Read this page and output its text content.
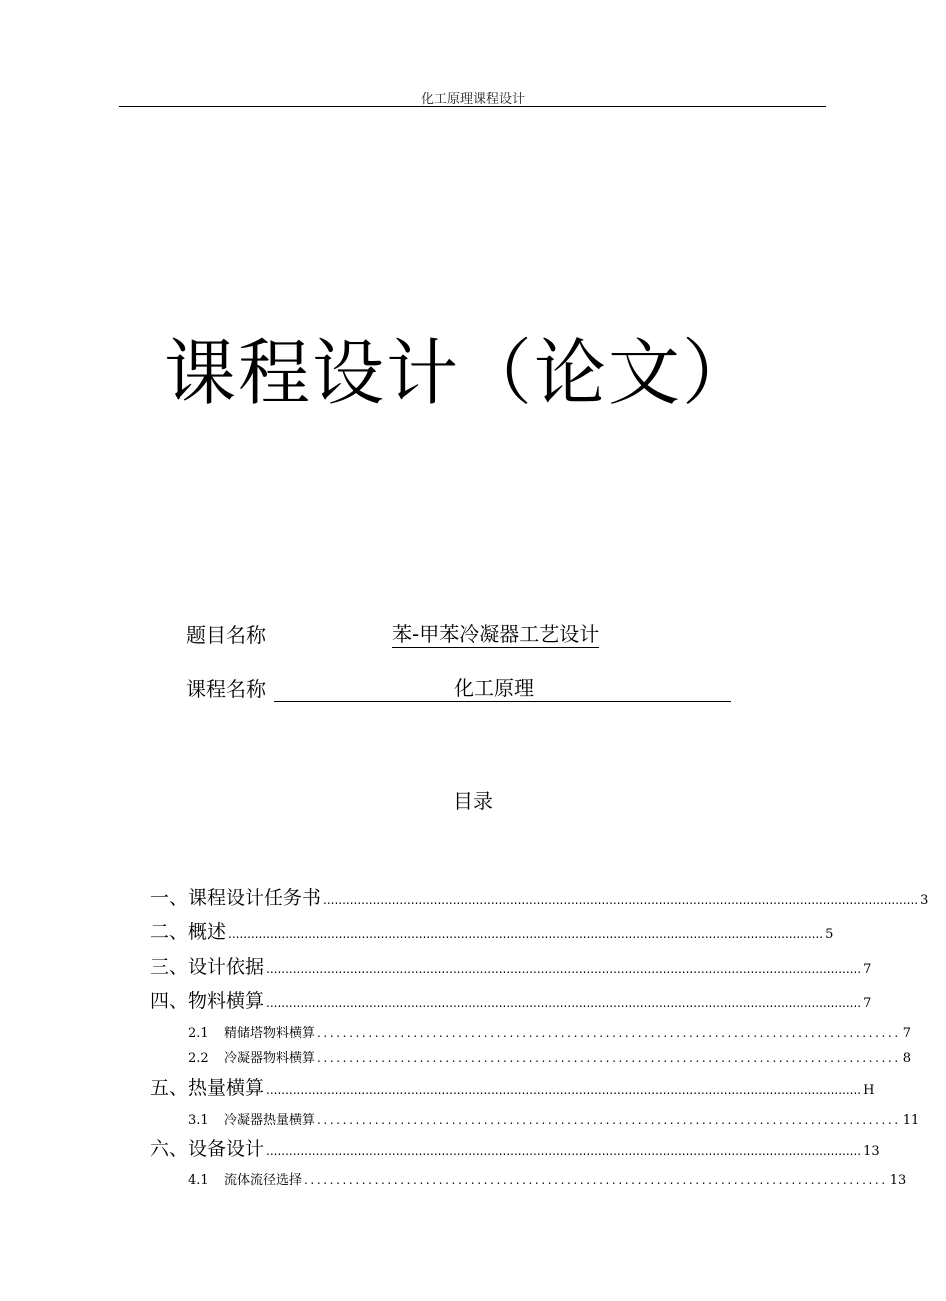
化工原理课程设计
课程设计（论文）
题目名称	苯-甲苯冷凝器工艺设计
课程名称	化工原理
目录
一、 课程设计任务书 ............................................................................................................................................................ 3
二、 概述 ............................................................................................................................................................ 5
三、 设计依据 ............................................................................................................................................................ 7
四、 物料横算 ............................................................................................................................................................ 7
2.1	精储塔物料横算 ........................................................................................... 7
2.2	冷凝器物料横算 ........................................................................................... 8
五、 热量横算 ............................................................................................................................................................ H
3.1	冷凝器热量横算 ........................................................................................... 11
六、 设备设计 ............................................................................................................................................................ 13
4.1	流体流径选择 ........................................................................................... 13
